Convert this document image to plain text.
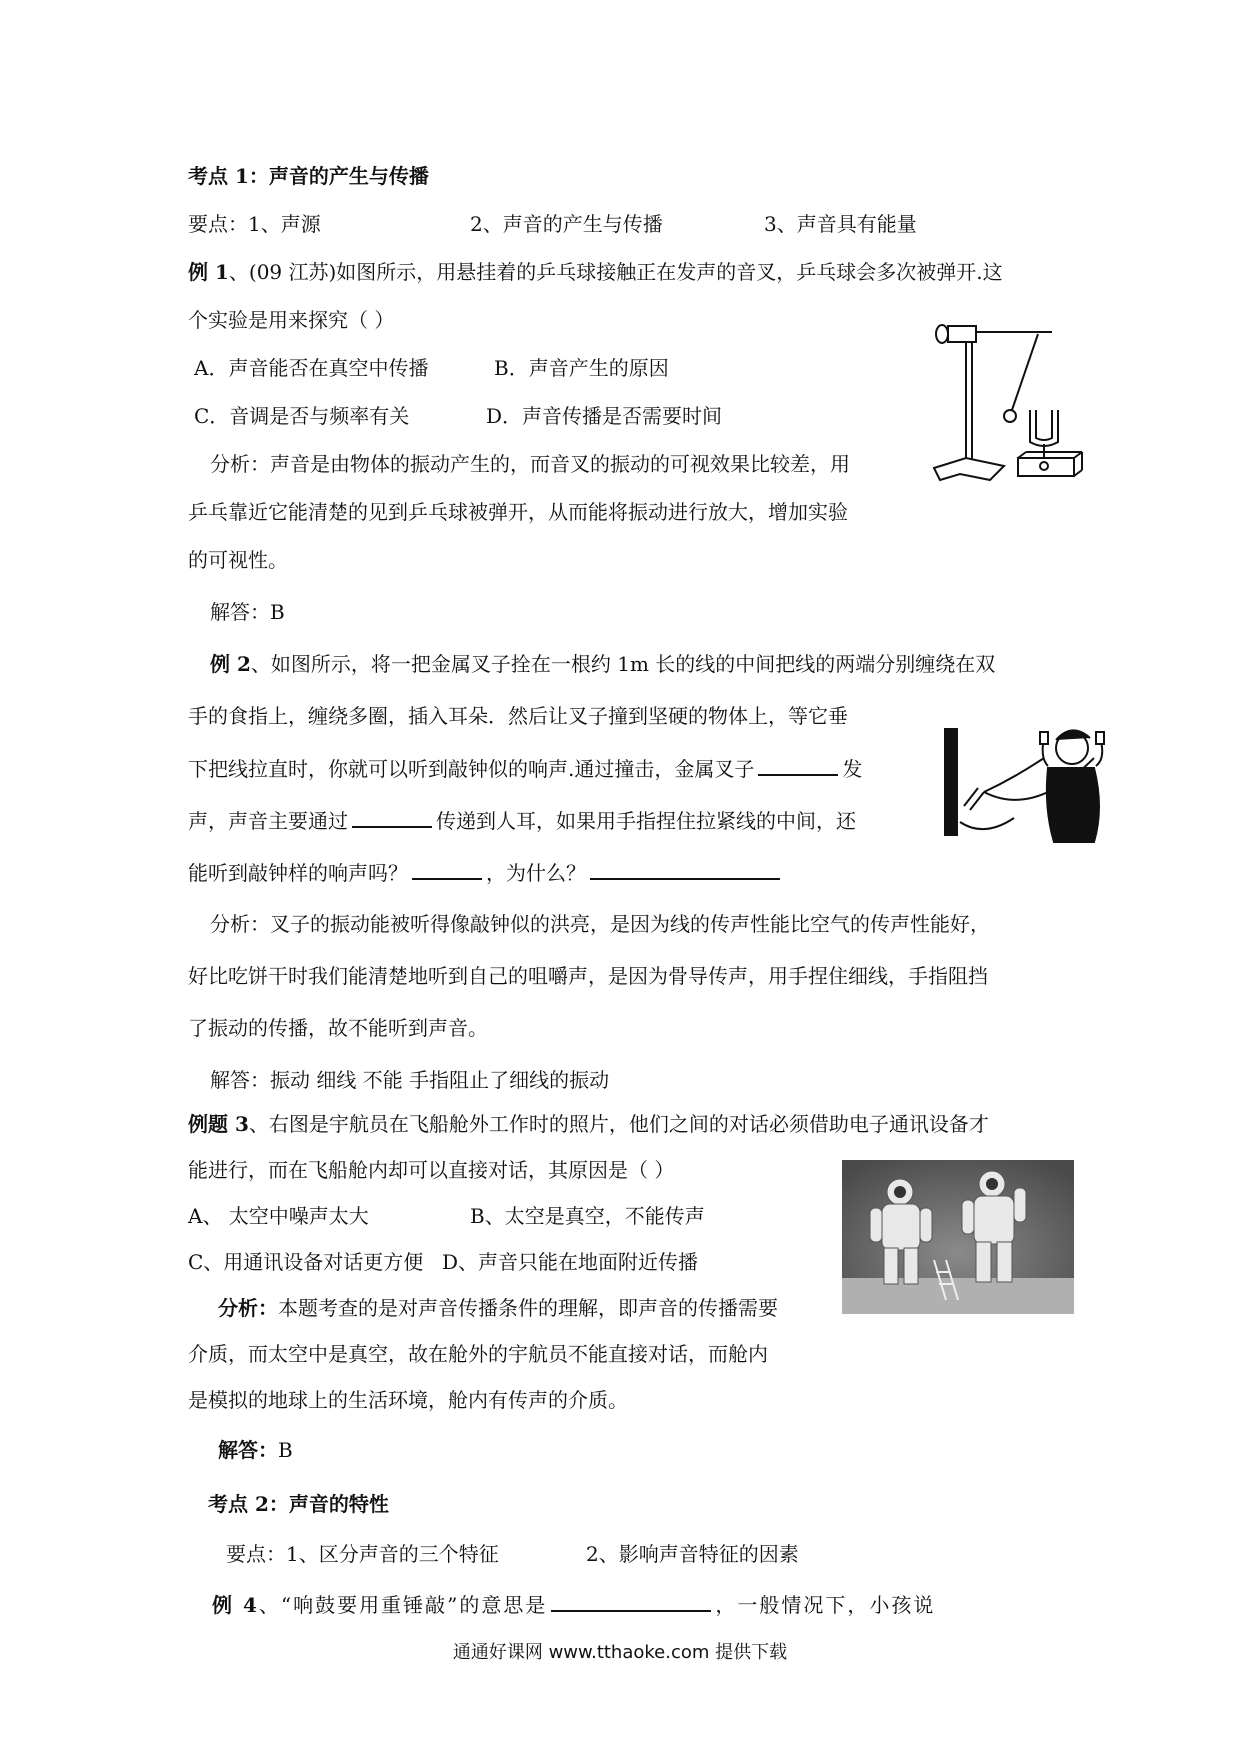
考点 1：声音的产生与传播
要点：1、声源	2、声音的产生与传播	3、声音具有能量
例 1、(09 江苏)如图所示，用悬挂着的乒乓球接触正在发声的音叉，乒乓球会多次被弹开.这
个实验是用来探究（ ）
A．声音能否在真空中传播	B．声音产生的原因
C．音调是否与频率有关	D．声音传播是否需要时间
分析：声音是由物体的振动产生的，而音叉的振动的可视效果比较差，用
乒乓靠近它能清楚的见到乒乓球被弹开，从而能将振动进行放大，增加实验
的可视性。
解答：B
例 2、如图所示，将一把金属叉子拴在一根约 1m 长的线的中间把线的两端分别缠绕在双
手的食指上，缠绕多圈，插入耳朵．然后让叉子撞到坚硬的物体上，等它垂
下把线拉直时，你就可以听到敲钟似的响声.通过撞击，金属叉子	发
声，声音主要通过	传递到人耳，如果用手指捏住拉紧线的中间，还
能听到敲钟样的响声吗？	，为什么？
分析：叉子的振动能被听得像敲钟似的洪亮，是因为线的传声性能比空气的传声性能好，
好比吃饼干时我们能清楚地听到自己的咀嚼声，是因为骨导传声，用手捏住细线，手指阻挡
了振动的传播，故不能听到声音。
解答：振动 细线 不能 手指阻止了细线的振动
例题 3、右图是宇航员在飞船舱外工作时的照片，他们之间的对话必须借助电子通讯设备才
能进行，而在飞船舱内却可以直接对话，其原因是（ ）
A、 太空中噪声太大	B、太空是真空，不能传声
C、用通讯设备对话更方便 D、声音只能在地面附近传播
分析：本题考查的是对声音传播条件的理解，即声音的传播需要
介质，而太空中是真空，故在舱外的宇航员不能直接对话，而舱内
是模拟的地球上的生活环境，舱内有传声的介质。
解答：B
考点 2：声音的特性
要点：1、区分声音的三个特征	2、影响声音特征的因素
例 4、“响鼓要用重锤敲”的意思是	，一般情况下，小孩说
通通好课网 www.tthaoke.com 提供下载
